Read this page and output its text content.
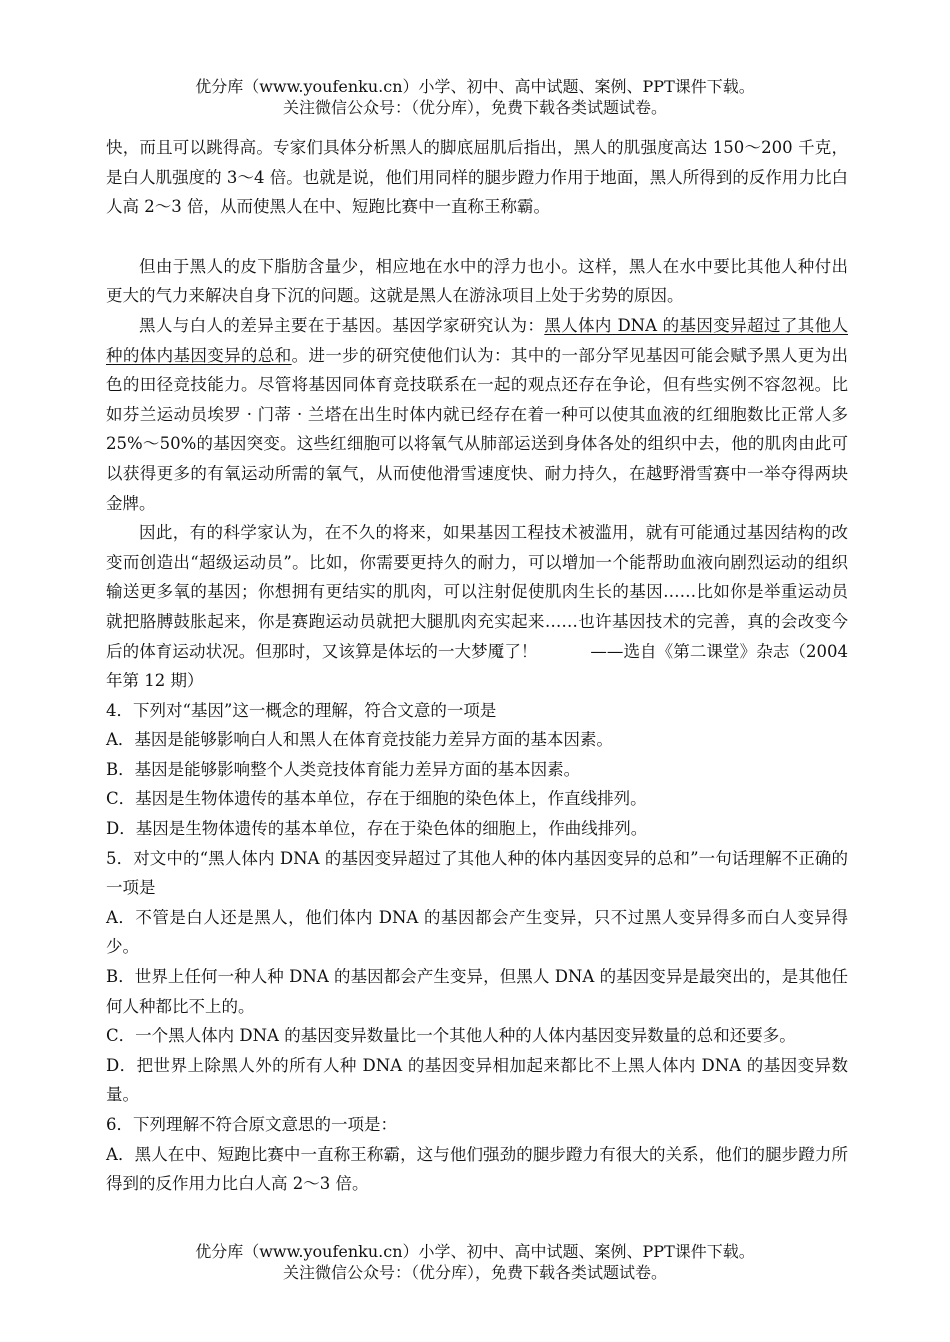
优分库（www.youfenku.cn）小学、初中、高中试题、案例、PPT课件下载。
关注微信公众号：（优分库），免费下载各类试题试卷。

快，而且可以跳得高。专家们具体分析黑人的脚底屈肌后指出，黑人的肌强度高达 150～200 千克，是白人肌强度的 3～4 倍。也就是说，他们用同样的腿步蹬力作用于地面，黑人所得到的反作用力比白人高 2～3 倍，从而使黑人在中、短跑比赛中一直称王称霸。

但由于黑人的皮下脂肪含量少，相应地在水中的浮力也小。这样，黑人在水中要比其他人种付出更大的气力来解决自身下沉的问题。这就是黑人在游泳项目上处于劣势的原因。

黑人与白人的差异主要在于基因。基因学家研究认为：黑人体内 DNA 的基因变异超过了其他人种的体内基因变异的总和。进一步的研究使他们认为：其中的一部分罕见基因可能会赋予黑人更为出色的田径竞技能力。尽管将基因同体育竞技联系在一起的观点还存在争论，但有些实例不容忽视。比如芬兰运动员埃罗 · 门蒂 · 兰塔在出生时体内就已经存在着一种可以使其血液的红细胞数比正常人多 25%～50%的基因突变。这些红细胞可以将氧气从肺部运送到身体各处的组织中去，他的肌肉由此可以获得更多的有氧运动所需的氧气，从而使他滑雪速度快、耐力持久，在越野滑雪赛中一举夺得两块金牌。

因此，有的科学家认为，在不久的将来，如果基因工程技术被滥用，就有可能通过基因结构的改变而创造出“超级运动员”。比如，你需要更持久的耐力，可以增加一个能帮助血液向剧烈运动的组织输送更多氧的基因；你想拥有更结实的肌肉，可以注射促使肌肉生长的基因……比如你是举重运动员就把胳膊鼓胀起来，你是赛跑运动员就把大腿肌肉充实起来……也许基因技术的完善，真的会改变今后的体育运动状况。但那时，又该算是体坛的一大梦魇了！	——选自《第二课堂》杂志（2004 年第 12 期）

4．下列对“基因”这一概念的理解，符合文意的一项是

A．基因是能够影响白人和黑人在体育竞技能力差异方面的基本因素。

B．基因是能够影响整个人类竞技体育能力差异方面的基本因素。

C．基因是生物体遗传的基本单位，存在于细胞的染色体上，作直线排列。

D．基因是生物体遗传的基本单位，存在于染色体的细胞上，作曲线排列。

5．对文中的“黑人体内 DNA 的基因变异超过了其他人种的体内基因变异的总和”一句话理解不正确的一项是

A．不管是白人还是黑人，他们体内 DNA 的基因都会产生变异，只不过黑人变异得多而白人变异得少。

B．世界上任何一种人种 DNA 的基因都会产生变异，但黑人 DNA 的基因变异是最突出的，是其他任何人种都比不上的。

C．一个黑人体内 DNA 的基因变异数量比一个其他人种的人体内基因变异数量的总和还要多。

D．把世界上除黑人外的所有人种 DNA 的基因变异相加起来都比不上黑人体内 DNA 的基因变异数量。

6．下列理解不符合原文意思的一项是：

A．黑人在中、短跑比赛中一直称王称霸，这与他们强劲的腿步蹬力有很大的关系，他们的腿步蹬力所得到的反作用力比白人高 2～3 倍。

优分库（www.youfenku.cn）小学、初中、高中试题、案例、PPT课件下载。
关注微信公众号：（优分库），免费下载各类试题试卷。
